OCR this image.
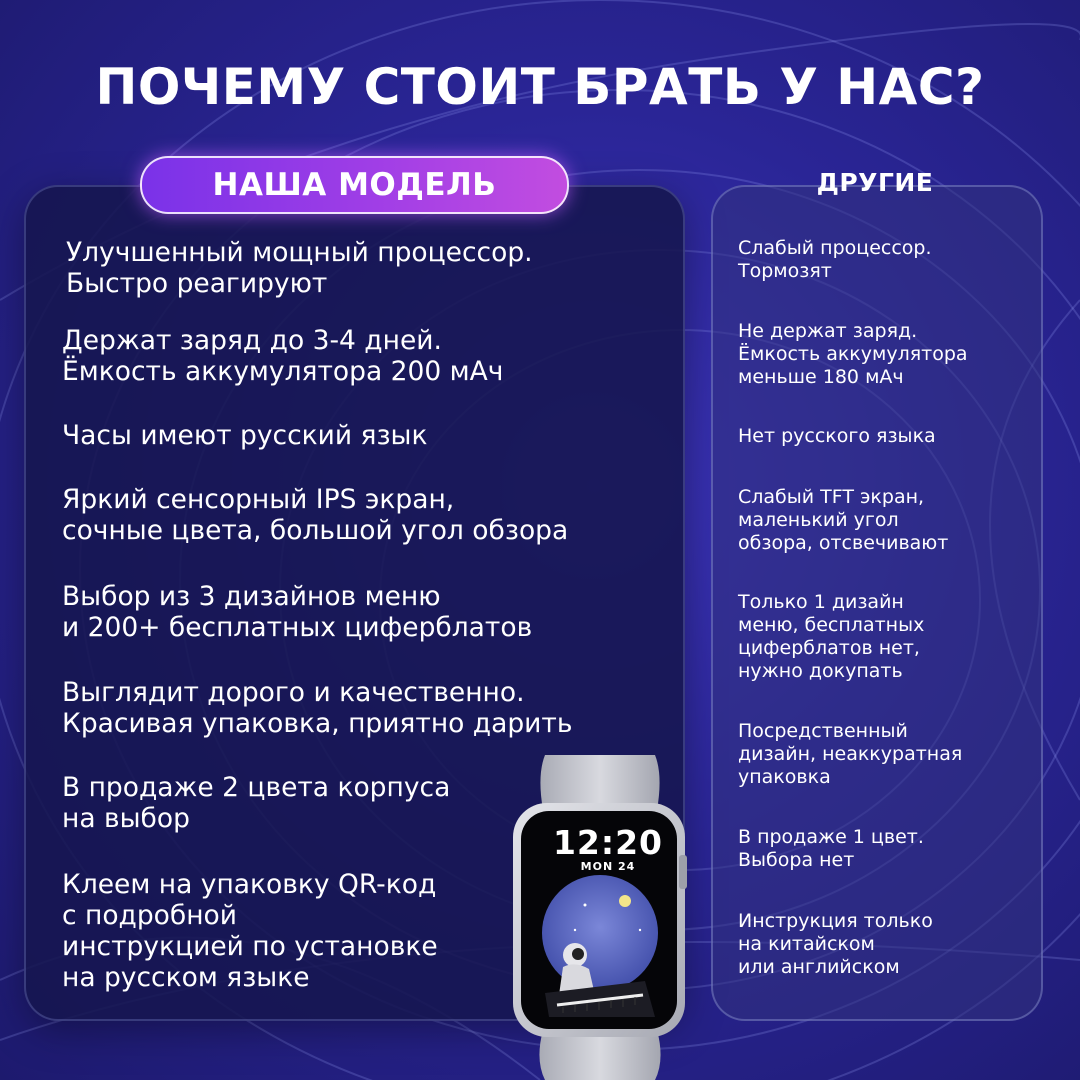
ПОЧЕМУ СТОИТ БРАТЬ У НАС?
НАША МОДЕЛЬ	ДРУГИЕ
Улучшенный мощный процессор.
Быстро реагируют
Держат заряд до 3-4 дней.
Ёмкость аккумулятора 200 мАч
Часы имеют русский язык
Яркий сенсорный IPS экран,
сочные цвета, большой угол обзора
Выбор из 3 дизайнов меню
и 200+ бесплатных циферблатов
Выглядит дорого и качественно.
Красивая упаковка, приятно дарить
В продаже 2 цвета корпуса
на выбор
Клеем на упаковку QR-код
с подробной
инструкцией по установке
на русском языке
Слабый процессор.
Тормозят
Не держат заряд.
Ёмкость аккумулятора
меньше 180 мАч
Нет русского языка
Слабый TFT экран,
маленький угол
обзора, отсвечивают
Только 1 дизайн
меню, бесплатных
циферблатов нет,
нужно докупать
Посредственный
дизайн, неаккуратная
упаковка
В продаже 1 цвет.
Выбора нет
Инструкция только
на китайском
или английском
12:20
MON 24
